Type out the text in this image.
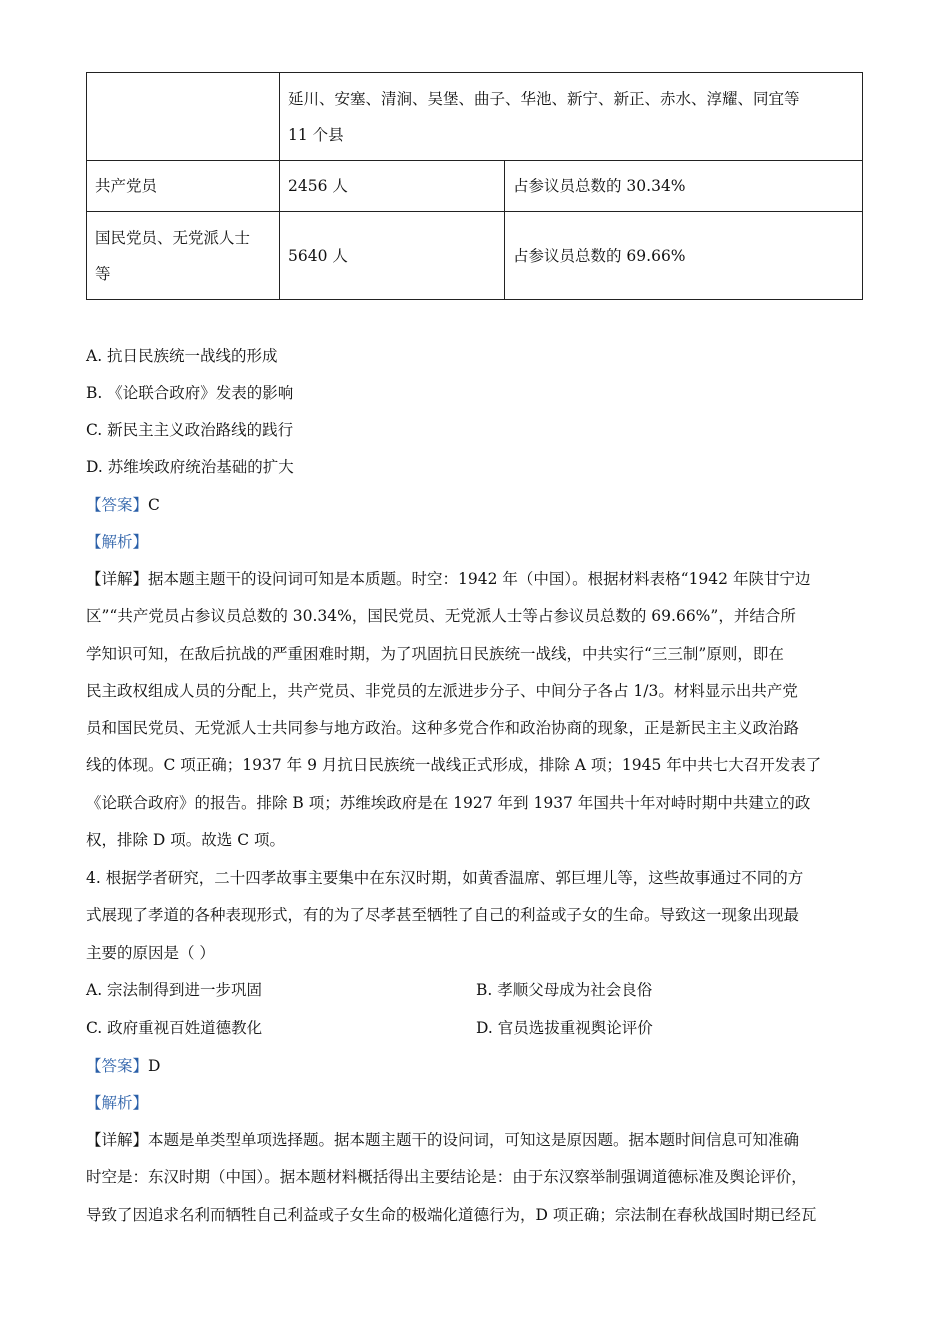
	延川、安塞、清涧、吴堡、曲子、华池、新宁、新正、赤水、淳耀、同宜等
11 个县	

共产党员	2456 人	占参议员总数的 30.34%

国民党员、无党派人士
等	5640 人	占参议员总数的 69.66%
A. 抗日民族统一战线的形成
B. 《论联合政府》发表的影响
C. 新民主主义政治路线的践行
D. 苏维埃政府统治基础的扩大
【答案】C
【解析】
【详解】据本题主题干的设问词可知是本质题。时空：1942 年（中国）。根据材料表格“1942 年陕甘宁边
区”“共产党员占参议员总数的 30.34%，国民党员、无党派人士等占参议员总数的 69.66%”，并结合所
学知识可知，在敌后抗战的严重困难时期，为了巩固抗日民族统一战线，中共实行“三三制”原则，即在
民主政权组成人员的分配上，共产党员、非党员的左派进步分子、中间分子各占 1/3。材料显示出共产党
员和国民党员、无党派人士共同参与地方政治。这种多党合作和政治协商的现象，正是新民主主义政治路
线的体现。C 项正确；1937 年 9 月抗日民族统一战线正式形成，排除 A 项；1945 年中共七大召开发表了
《论联合政府》的报告。排除 B 项；苏维埃政府是在 1927 年到 1937 年国共十年对峙时期中共建立的政
权，排除 D 项。故选 C 项。
4. 根据学者研究，二十四孝故事主要集中在东汉时期，如黄香温席、郭巨埋儿等，这些故事通过不同的方
式展现了孝道的各种表现形式，有的为了尽孝甚至牺牲了自己的利益或子女的生命。导致这一现象出现最
主要的原因是（ ）
A. 宗法制得到进一步巩固	B. 孝顺父母成为社会良俗
C. 政府重视百姓道德教化	D. 官员选拔重视舆论评价
【答案】D
【解析】
【详解】本题是单类型单项选择题。据本题主题干的设问词，可知这是原因题。据本题时间信息可知准确
时空是：东汉时期（中国）。据本题材料概括得出主要结论是：由于东汉察举制强调道德标准及舆论评价，
导致了因追求名利而牺牲自己利益或子女生命的极端化道德行为，D 项正确；宗法制在春秋战国时期已经瓦
